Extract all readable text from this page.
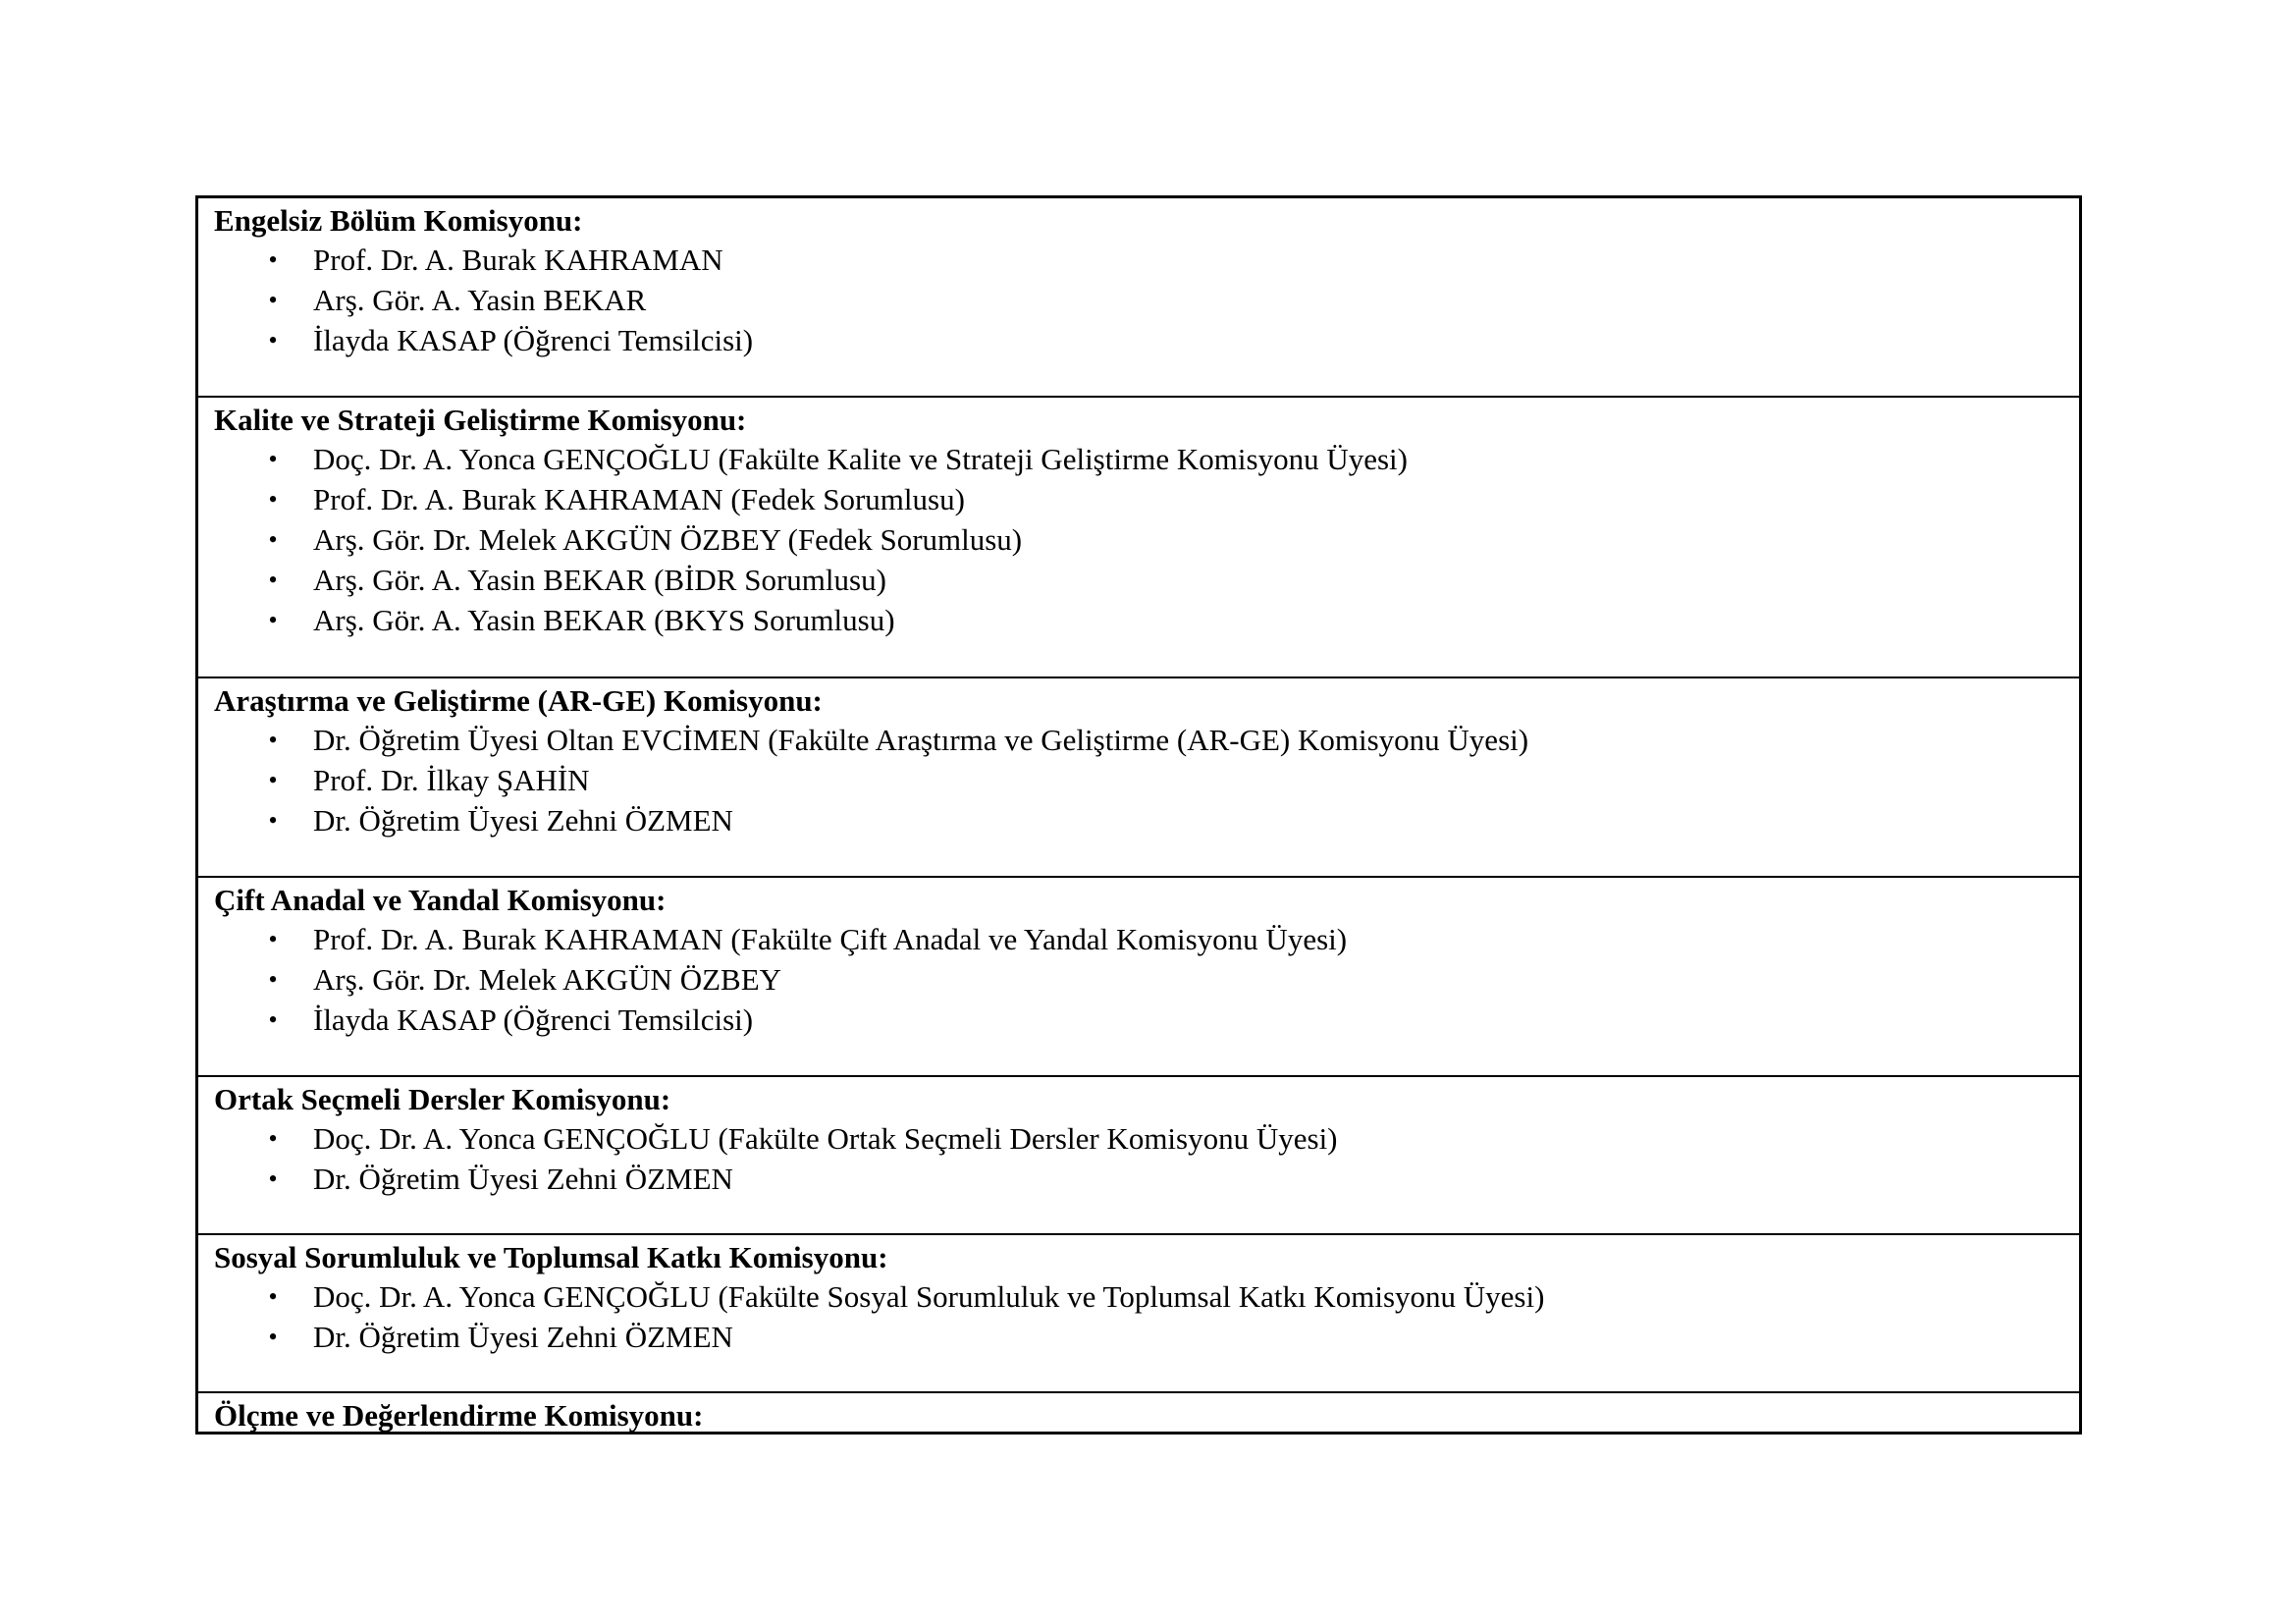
Engelsiz Bölüm Komisyonu:
• Prof. Dr. A. Burak KAHRAMAN
• Arş. Gör. A. Yasin BEKAR
• İlayda KASAP (Öğrenci Temsilcisi)
Kalite ve Strateji Geliştirme Komisyonu:
• Doç. Dr. A. Yonca GENÇOĞLU (Fakülte Kalite ve Strateji Geliştirme Komisyonu Üyesi)
• Prof. Dr. A. Burak KAHRAMAN (Fedek Sorumlusu)
• Arş. Gör. Dr. Melek AKGÜN ÖZBEY (Fedek Sorumlusu)
• Arş. Gör. A. Yasin BEKAR (BİDR Sorumlusu)
• Arş. Gör. A. Yasin BEKAR (BKYS Sorumlusu)
Araştırma ve Geliştirme (AR-GE) Komisyonu:
• Dr. Öğretim Üyesi Oltan EVCİMEN (Fakülte Araştırma ve Geliştirme (AR-GE) Komisyonu Üyesi)
• Prof. Dr. İlkay ŞAHİN
• Dr. Öğretim Üyesi Zehni ÖZMEN
Çift Anadal ve Yandal Komisyonu:
• Prof. Dr. A. Burak KAHRAMAN (Fakülte Çift Anadal ve Yandal Komisyonu Üyesi)
• Arş. Gör. Dr. Melek AKGÜN ÖZBEY
• İlayda KASAP (Öğrenci Temsilcisi)
Ortak Seçmeli Dersler Komisyonu:
• Doç. Dr. A. Yonca GENÇOĞLU (Fakülte Ortak Seçmeli Dersler Komisyonu Üyesi)
• Dr. Öğretim Üyesi Zehni ÖZMEN
Sosyal Sorumluluk ve Toplumsal Katkı Komisyonu:
• Doç. Dr. A. Yonca GENÇOĞLU (Fakülte Sosyal Sorumluluk ve Toplumsal Katkı Komisyonu Üyesi)
• Dr. Öğretim Üyesi Zehni ÖZMEN
Ölçme ve Değerlendirme Komisyonu:
